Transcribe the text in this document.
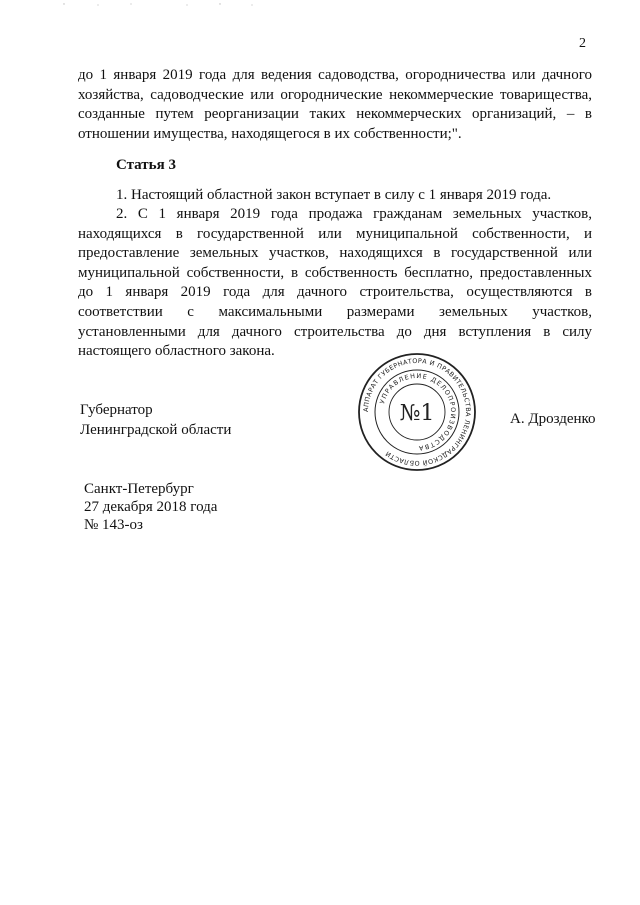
2

до 1 января 2019 года для ведения садоводства, огородничества или дачного хозяйства, садоводческие или огороднические некоммерческие товарищества, созданные путем реорганизации таких некоммерческих организаций, – в отношении имущества, находящегося в их собственности;".

Статья 3

1. Настоящий областной закон вступает в силу с 1 января 2019 года.

2. С 1 января 2019 года продажа гражданам земельных участков, находящихся в государственной или муниципальной собственности, и предоставление земельных участков, находящихся в государственной или муниципальной собственности, в собственность бесплатно, предоставленных до 1 января 2019 года для дачного строительства, осуществляются в соответствии с максимальными размерами земельных участков, установленными для дачного строительства до дня вступления в силу настоящего областного закона.

Губернатор
Ленинградской области
А. Дрозденко
АППАРАТ ГУБЕРНАТОРА И ПРАВИТЕЛЬСТВА ЛЕНИНГРАДСКОЙ ОБЛАСТИ
УПРАВЛЕНИЕ ДЕЛОПРОИЗВОДСТВА
№1
Санкт-Петербург
27 декабря 2018 года
№ 143-оз
